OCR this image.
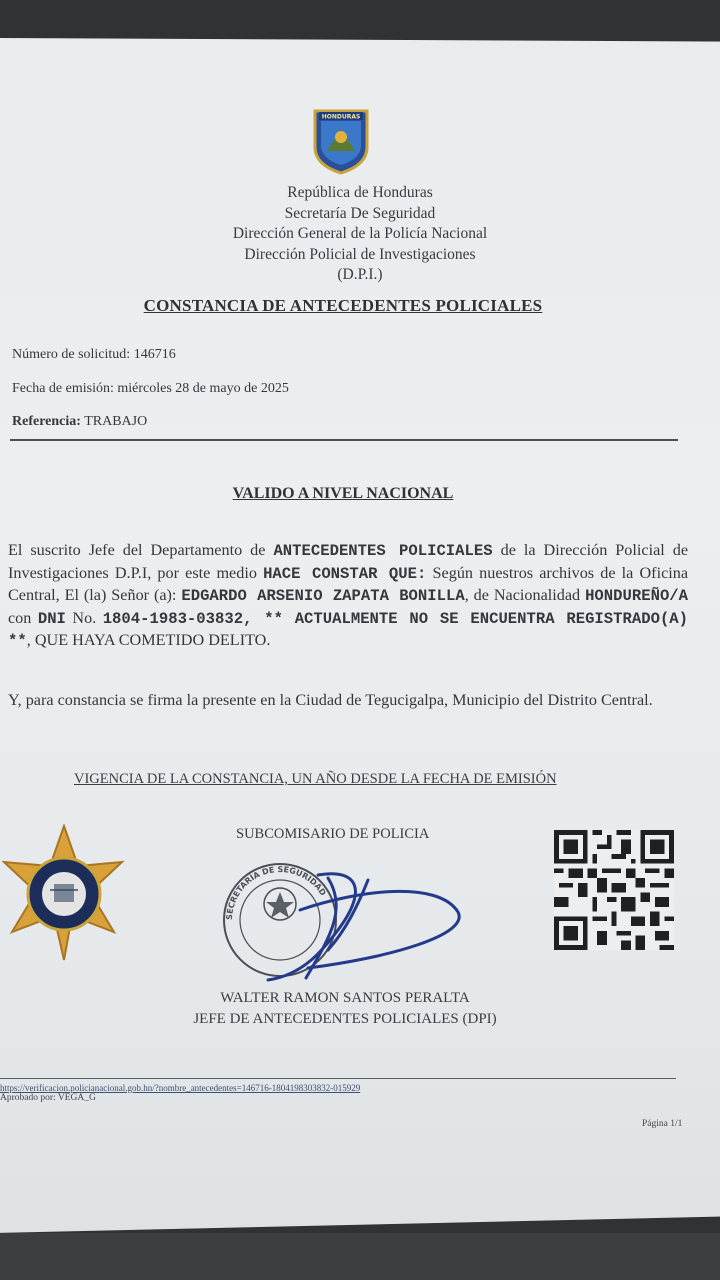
HONDURAS
República de Honduras
Secretaría De Seguridad
Dirección General de la Policía Nacional
Dirección Policial de Investigaciones
(D.P.I.)
CONSTANCIA DE ANTECEDENTES POLICIALES
Número de solicitud: 146716
Fecha de emisión: miércoles 28 de mayo de 2025
Referencia: TRABAJO
VALIDO A NIVEL NACIONAL
El suscrito Jefe del Departamento de ANTECEDENTES POLICIALES de la Dirección Policial de Investigaciones D.P.I, por este medio HACE CONSTAR QUE: Según nuestros archivos de la Oficina Central, El (la) Señor (a): EDGARDO ARSENIO ZAPATA BONILLA, de Nacionalidad HONDUREÑO/A con DNI No. 1804-1983-03832, ** ACTUALMENTE NO SE ENCUENTRA REGISTRADO(A) **, QUE HAYA COMETIDO DELITO.
Y, para constancia se firma la presente en la Ciudad de Tegucigalpa, Municipio del Distrito Central.
VIGENCIA DE LA CONSTANCIA, UN AÑO DESDE LA FECHA DE EMISIÓN
SUBCOMISARIO DE POLICIA
SECRETARÍA DE SEGURIDAD
WALTER RAMON SANTOS PERALTA
JEFE DE ANTECEDENTES POLICIALES (DPI)
https://verificacion.policianacional.gob.hn/?nombre_antecedentes=146716-1804198303832-015929
Aprobado por: VEGA_G
Página 1/1
